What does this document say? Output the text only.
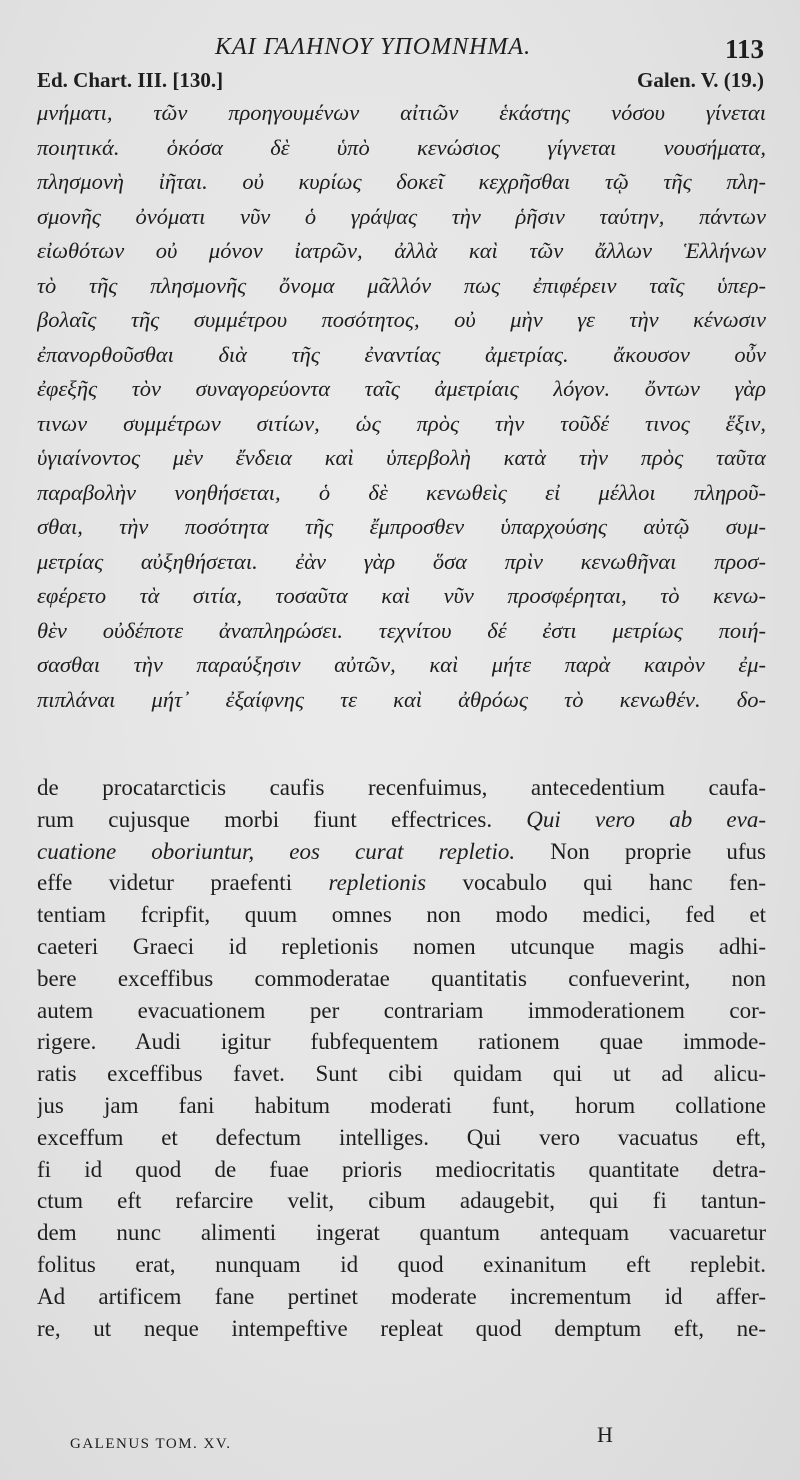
ΚΑΙ ΓΑΛΗΝΟΥ ΥΠΟΜΝΗΜΑ.	113
Ed. Chart. III. [130.]	Galen. V. (19.)
μνήματι, τῶν προηγουμένων αἰτιῶν ἑκάστης νόσου γίνεται
ποιητικά. ὁκόσα δὲ ὑπὸ κενώσιος γίγνεται νουσήματα,
πλησμονὴ ἰῆται. οὐ κυρίως δοκεῖ κεχρῆσθαι τῷ τῆς πλη-
σμονῆς ὀνόματι νῦν ὁ γράψας τὴν ῥῆσιν ταύτην, πάντων
εἰωθότων οὐ μόνον ἰατρῶν, ἀλλὰ καὶ τῶν ἄλλων Ἑλλήνων
τὸ τῆς πλησμονῆς ὄνομα μᾶλλόν πως ἐπιφέρειν ταῖς ὑπερ-
βολαῖς τῆς συμμέτρου ποσότητος, οὐ μὴν γε τὴν κένωσιν
ἐπανορθοῦσθαι διὰ τῆς ἐναντίας ἀμετρίας. ἄκουσον οὖν
ἐφεξῆς τὸν συναγορεύοντα ταῖς ἀμετρίαις λόγον. ὄντων γὰρ
τινων συμμέτρων σιτίων, ὡς πρὸς τὴν τοῦδέ τινος ἕξιν,
ὑγιαίνοντος μὲν ἔνδεια καὶ ὑπερβολὴ κατὰ τὴν πρὸς ταῦτα
παραβολὴν νοηθήσεται, ὁ δὲ κενωθεὶς εἰ μέλλοι πληροῦ-
σθαι, τὴν ποσότητα τῆς ἔμπροσθεν ὑπαρχούσης αὐτῷ συμ-
μετρίας αὐξηθήσεται. ἐὰν γὰρ ὅσα πρὶν κενωθῆναι προσ-
εφέρετο τὰ σιτία, τοσαῦτα καὶ νῦν προσφέρηται, τὸ κενω-
θὲν οὐδέποτε ἀναπληρώσει. τεχνίτου δέ ἐστι μετρίως ποιή-
σασθαι τὴν παραύξησιν αὐτῶν, καὶ μήτε παρὰ καιρὸν ἐμ-
πιπλάναι μήτ᾽ ἐξαίφνης τε καὶ ἀθρόως τὸ κενωθέν. δο-
de procatarcticis caufis recenfuimus, antecedentium caufa-
rum cujusque morbi fiunt effectrices. Qui vero ab eva-
cuatione oboriuntur, eos curat repletio. Non proprie ufus
effe videtur praefenti repletionis vocabulo qui hanc fen-
tentiam fcripfit, quum omnes non modo medici, fed et
caeteri Graeci id repletionis nomen utcunque magis adhi-
bere exceffibus commoderatae quantitatis confueverint, non
autem evacuationem per contrariam immoderationem cor-
rigere. Audi igitur fubfequentem rationem quae immode-
ratis exceffibus favet. Sunt cibi quidam qui ut ad alicu-
jus jam fani habitum moderati funt, horum collatione
exceffum et defectum intelliges. Qui vero vacuatus eft,
fi id quod de fuae prioris mediocritatis quantitate detra-
ctum eft refarcire velit, cibum adaugebit, qui fi tantun-
dem nunc alimenti ingerat quantum antequam vacuaretur
folitus erat, nunquam id quod exinanitum eft replebit.
Ad artificem fane pertinet moderate incrementum id affer-
re, ut neque intempeftive repleat quod demptum eft, ne-
GALENUS TOM. XV.	H
